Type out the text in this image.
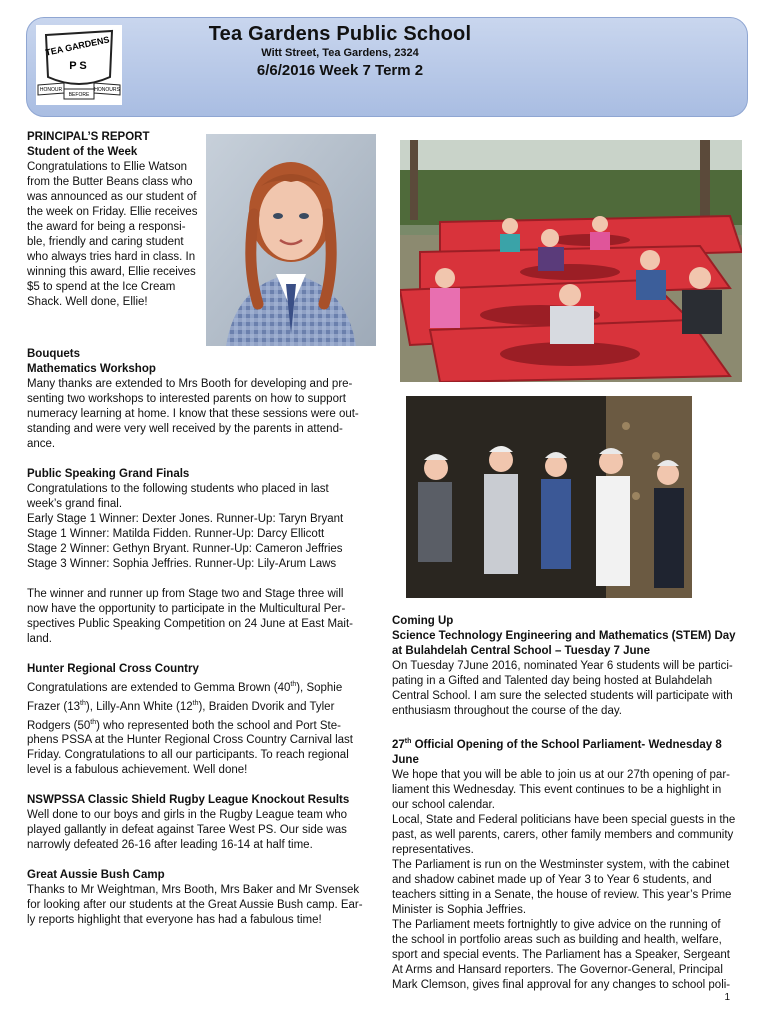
TEA GARDENS
P S
HONOUR
BEFORE
HONOURS
Tea Gardens Public School
Witt Street, Tea Gardens, 2324
6/6/2016 Week 7 Term 2

PRINCIPAL’S REPORT

Student of the Week

Congratulations to Ellie Watson

from the Butter Beans class who

was announced as our student of

the week on Friday. Ellie receives

the award for being a responsi-

ble, friendly and caring student

who always tries hard in class. In

winning this award, Ellie receives

$5 to spend at the Ice Cream

Shack. Well done, Ellie!

Bouquets

Mathematics Workshop

Many thanks are extended to Mrs Booth for developing and pre-

senting two workshops to interested parents on how to support

numeracy learning at home. I know that these sessions were out-

standing and were very well received by the parents in attend-

ance.

Public Speaking Grand Finals

Congratulations to the following students who placed in last

week’s grand final.

Early Stage 1 Winner: Dexter Jones. Runner-Up: Taryn Bryant

Stage 1 Winner: Matilda Fidden. Runner-Up: Darcy Ellicott

Stage 2 Winner: Gethyn Bryant. Runner-Up: Cameron Jeffries

Stage 3 Winner: Sophia Jeffries. Runner-Up: Lily-Arum Laws

The winner and runner up from Stage two and Stage three will

now have the opportunity to participate in the Multicultural Per-

spectives Public Speaking Competition on 24 June at East Mait-

land.

Hunter Regional Cross Country

Congratulations are extended to Gemma Brown (40th), Sophie

Frazer (13th), Lilly-Ann White (12th), Braiden Dvorik and Tyler

Rodgers (50th) who represented both the school and Port Ste-

phens PSSA at the Hunter Regional Cross Country Carnival last

Friday. Congratulations to all our participants. To reach regional

level is a fabulous achievement. Well done!

NSWPSSA Classic Shield Rugby League Knockout Results

Well done to our boys and girls in the Rugby League team who

played gallantly in defeat against Taree West PS. Our side was

narrowly defeated 26-16 after leading 16-14 at half time.

Great Aussie Bush Camp

Thanks to Mr Weightman, Mrs Booth, Mrs Baker and Mr Svensek

for looking after our students at the Great Aussie Bush camp. Ear-

ly reports highlight that everyone has had a fabulous time!

Coming Up

Science Technology Engineering and Mathematics (STEM) Day

at Bulahdelah Central School – Tuesday 7 June

On Tuesday 7June 2016, nominated Year 6 students will be partici-

pating in a Gifted and Talented day being hosted at Bulahdelah

Central School. I am sure the selected students will participate with

enthusiasm throughout the course of the day.

27th Official Opening of the School Parliament- Wednesday 8

June

We hope that you will be able to join us at our 27th opening of par-

liament this Wednesday. This event continues to be a highlight in

our school calendar.

Local, State and Federal politicians have been special guests in the

past, as well parents, carers, other family members and community

representatives.

The Parliament is run on the Westminster system, with the cabinet

and shadow cabinet made up of Year 3 to Year 6 students, and

teachers sitting in a Senate, the house of review. This year’s Prime

Minister is Sophia Jeffries.

The Parliament meets fortnightly to give advice on the running of

the school in portfolio areas such as building and health, welfare,

sport and special events. The Parliament has a Speaker, Sergeant

At Arms and Hansard reporters. The Governor-General, Principal

Mark Clemson, gives final approval for any changes to school poli-

1
